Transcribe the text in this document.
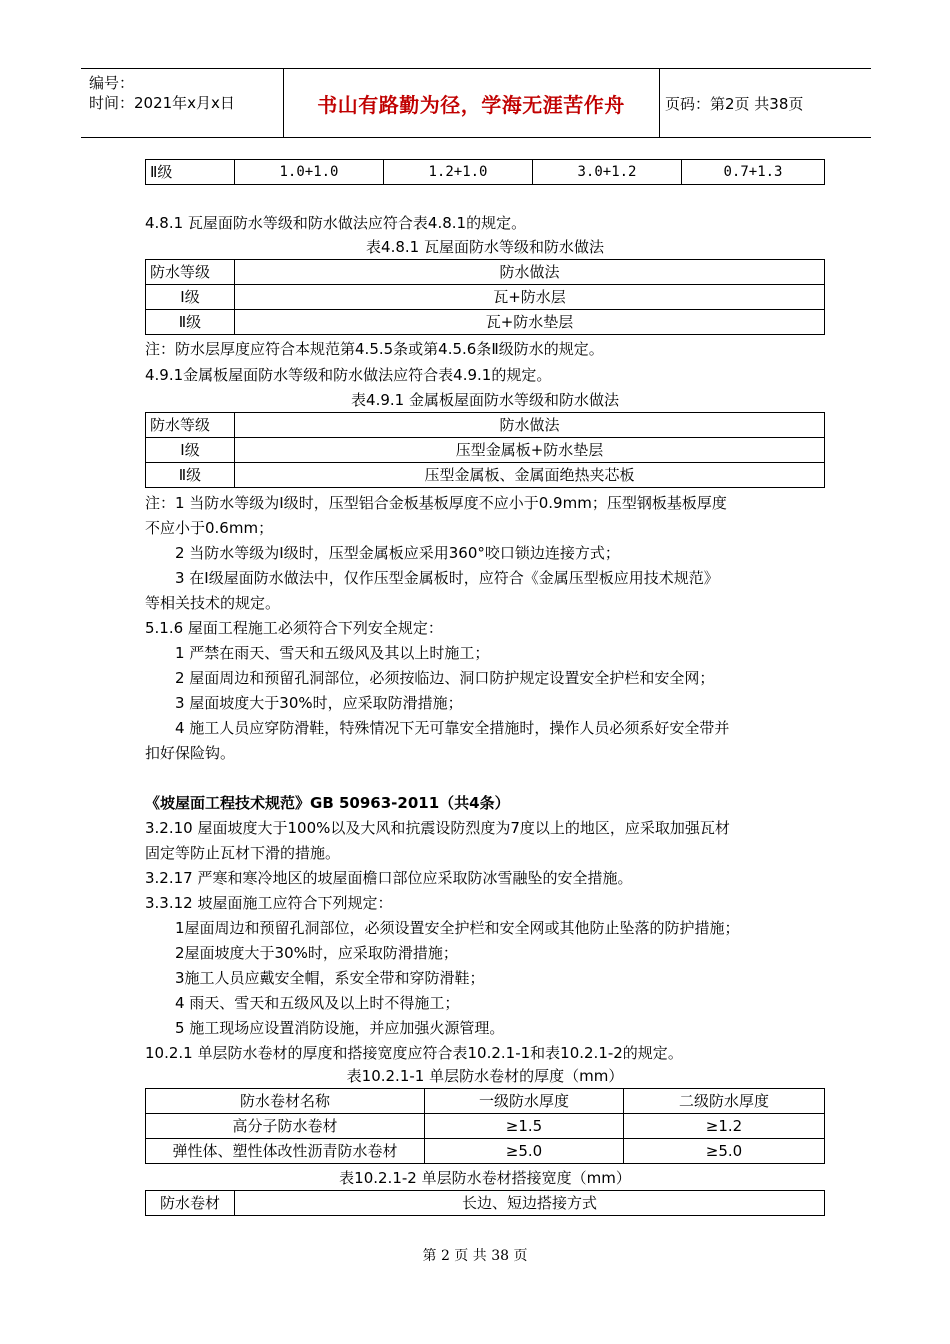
编号：
时间：2021年x月x日	书山有路勤为径，学海无涯苦作舟	页码：第2页 共38页
Ⅱ级	1.0+1.0	1.2+1.0	3.0+1.2	0.7+1.3
4.8.1 瓦屋面防水等级和防水做法应符合表4.8.1的规定。
表4.8.1 瓦屋面防水等级和防水做法
防水等级	防水做法
Ⅰ级	瓦+防水层
Ⅱ级	瓦+防水垫层
注：防水层厚度应符合本规范第4.5.5条或第4.5.6条Ⅱ级防水的规定。
4.9.1金属板屋面防水等级和防水做法应符合表4.9.1的规定。
表4.9.1 金属板屋面防水等级和防水做法
防水等级	防水做法
Ⅰ级	压型金属板+防水垫层
Ⅱ级	压型金属板、金属面绝热夹芯板
注：1 当防水等级为Ⅰ级时，压型铝合金板基板厚度不应小于0.9mm；压型钢板基板厚度
不应小于0.6mm；
2 当防水等级为Ⅰ级时，压型金属板应采用360°咬口锁边连接方式；
3 在Ⅰ级屋面防水做法中，仅作压型金属板时，应符合《金属压型板应用技术规范》
等相关技术的规定。
5.1.6 屋面工程施工必须符合下列安全规定：
1 严禁在雨天、雪天和五级风及其以上时施工；
2 屋面周边和预留孔洞部位，必须按临边、洞口防护规定设置安全护栏和安全网；
3 屋面坡度大于30%时，应采取防滑措施；
4 施工人员应穿防滑鞋，特殊情况下无可靠安全措施时，操作人员必须系好安全带并
扣好保险钩。
《坡屋面工程技术规范》GB 50963-2011（共4条）
3.2.10 屋面坡度大于100%以及大风和抗震设防烈度为7度以上的地区，应采取加强瓦材
固定等防止瓦材下滑的措施。
3.2.17 严寒和寒冷地区的坡屋面檐口部位应采取防冰雪融坠的安全措施。
3.3.12 坡屋面施工应符合下列规定：
1屋面周边和预留孔洞部位，必须设置安全护栏和安全网或其他防止坠落的防护措施；
2屋面坡度大于30%时，应采取防滑措施；
3施工人员应戴安全帽，系安全带和穿防滑鞋；
4 雨天、雪天和五级风及以上时不得施工；
5 施工现场应设置消防设施，并应加强火源管理。
10.2.1 单层防水卷材的厚度和搭接宽度应符合表10.2.1-1和表10.2.1-2的规定。
表10.2.1-1 单层防水卷材的厚度（mm）
防水卷材名称	一级防水厚度	二级防水厚度
高分子防水卷材	≥1.5	≥1.2
弹性体、塑性体改性沥青防水卷材	≥5.0	≥5.0
表10.2.1-2 单层防水卷材搭接宽度（mm）
防水卷材	长边、短边搭接方式
第 2 页 共 38 页
